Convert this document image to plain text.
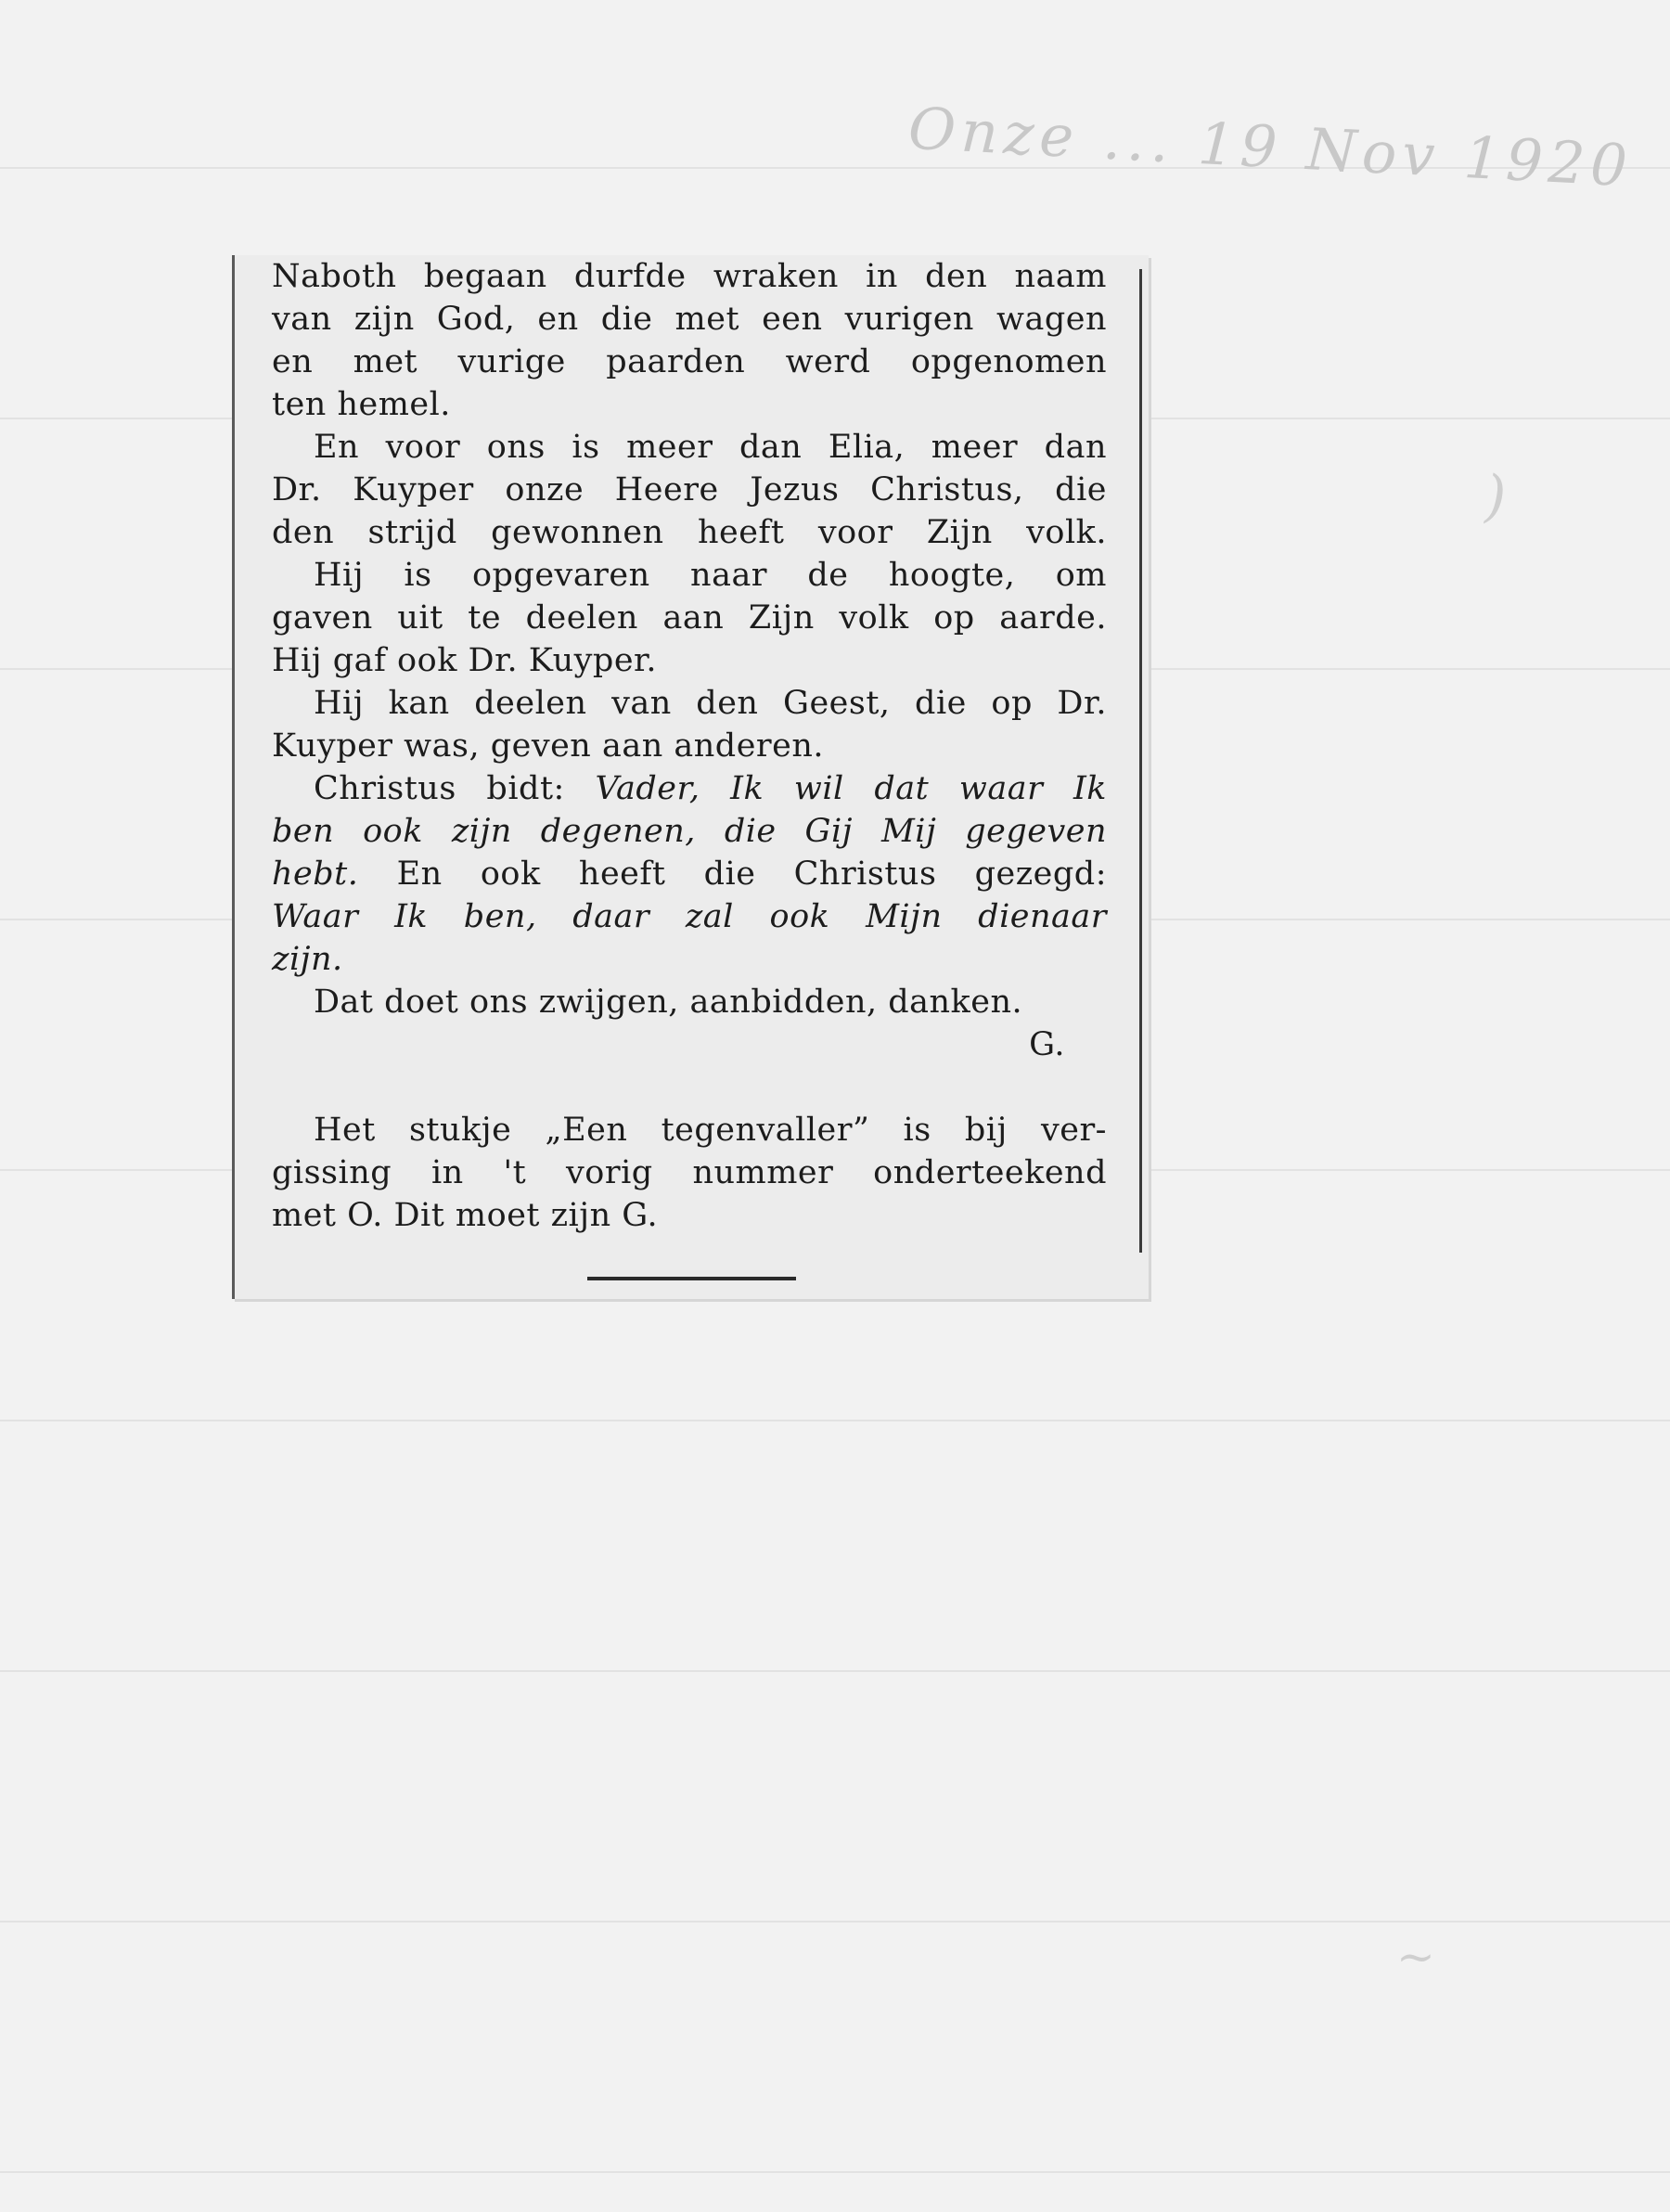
Onze ... 19 Nov 1920
)
~

Naboth begaan durfde wraken in den naam

van zijn God, en die met een vurigen wagen

en met vurige paarden werd opgenomen

ten hemel.

En voor ons is meer dan Elia, meer dan

Dr. Kuyper onze Heere Jezus Christus, die

den strijd gewonnen heeft voor Zijn volk.

Hij is opgevaren naar de hoogte, om

gaven uit te deelen aan Zijn volk op aarde.

Hij gaf ook Dr. Kuyper.

Hij kan deelen van den Geest, die op Dr.

Kuyper was, geven aan anderen.

Christus bidt: Vader, Ik wil dat waar Ik

ben ook zijn degenen, die Gij Mij gegeven

hebt. En ook heeft die Christus gezegd:

Waar Ik ben, daar zal ook Mijn dienaar

zijn.

Dat doet ons zwijgen, aanbidden, danken.

G.

Het stukje „Een tegenvaller” is bij ver-

gissing in 't vorig nummer onderteekend

met O. Dit moet zijn G.
